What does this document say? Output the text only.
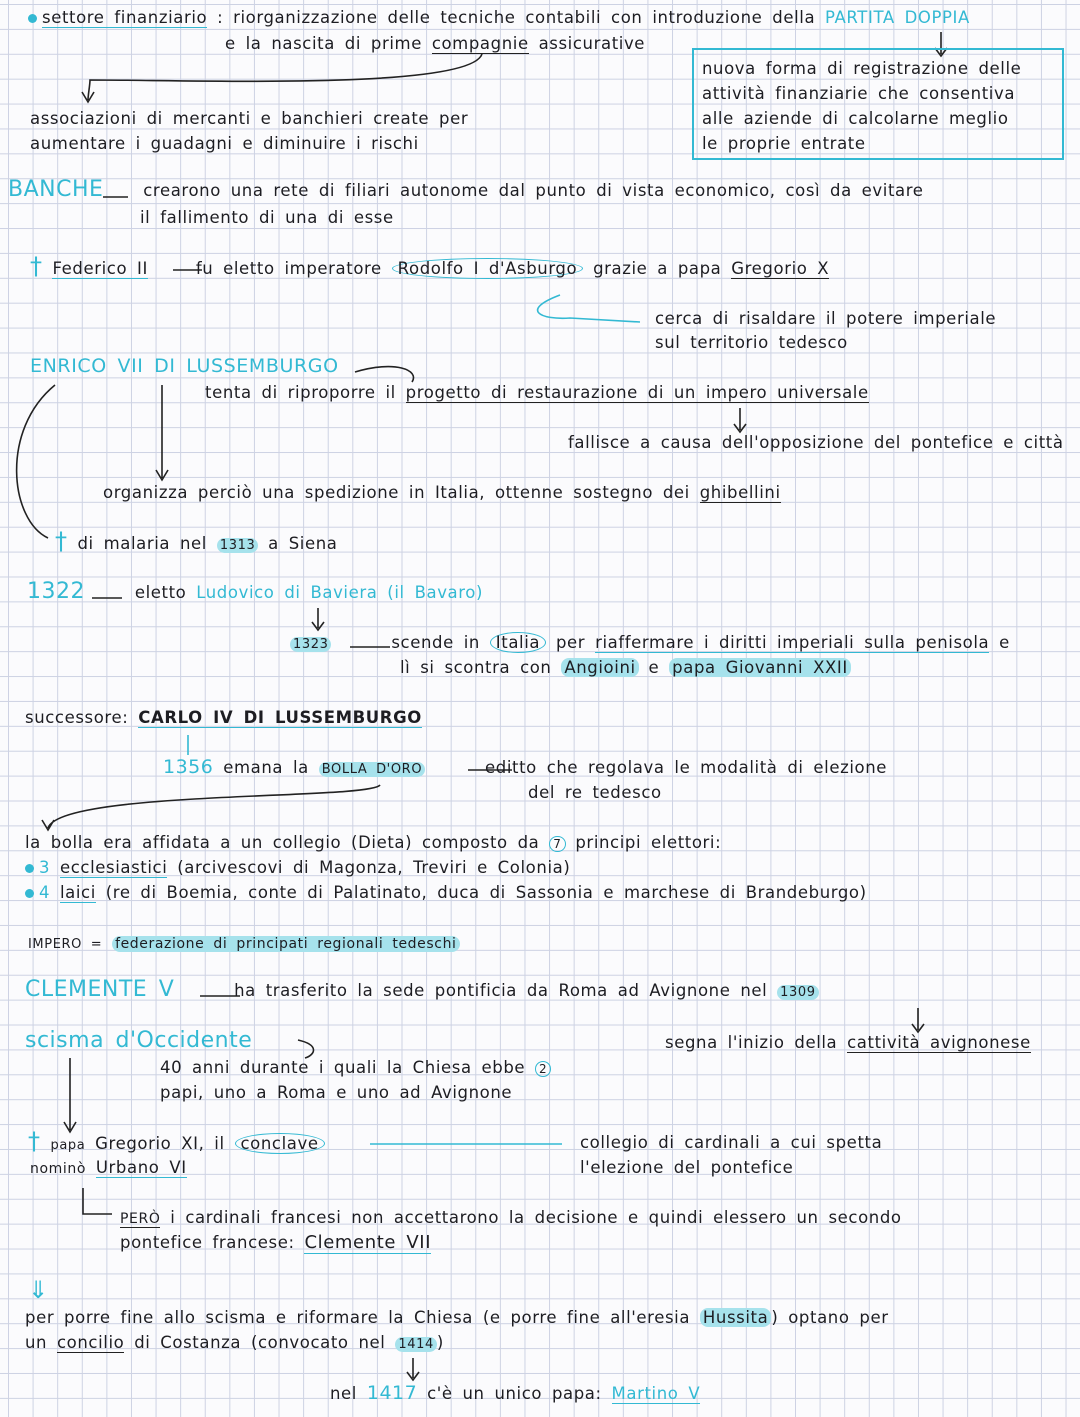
settore finanziario : riorganizzazione delle tecniche contabili con introduzione della PARTITA DOPPIA
e la nascita di prime compagnie assicurative
nuova forma di registrazione delle
attività finanziarie che consentiva
alle aziende di calcolarne meglio
le proprie entrate
associazioni di mercanti e banchieri create per
aumentare i guadagni e diminuire i rischi
BANCHE crearono una rete di filiari autonome dal punto di vista economico, così da evitare
il fallimento di una di esse
† Federico II	fu eletto imperatore Rodolfo I d'Asburgo grazie a papa Gregorio X
cerca di risaldare il potere imperiale
sul territorio tedesco
ENRICO VII DI LUSSEMBURGO
tenta di riproporre il progetto di restaurazione di un impero universale
fallisce a causa dell'opposizione del pontefice e città
organizza perciò una spedizione in Italia, ottenne sostegno dei ghibellini
† di malaria nel 1313 a Siena
1322	eletto Ludovico di Baviera (il Bavaro)
1323	scende in Italia per riaffermare i diritti imperiali sulla penisola e
lì si scontra con Angioini e papa Giovanni XXII
successore: CARLO IV DI LUSSEMBURGO
1356 emana la BOLLA D'ORO	editto che regolava le modalità di elezione
del re tedesco
la bolla era affidata a un collegio (Dieta) composto da 7 principi elettori:
3 ecclesiastici (arcivescovi di Magonza, Treviri e Colonia)
4 laici (re di Boemia, conte di Palatinato, duca di Sassonia e marchese di Brandeburgo)
IMPERO = federazione di principati regionali tedeschi
CLEMENTE V	ha trasferito la sede pontificia da Roma ad Avignone nel 1309
scisma d'Occidente	segna l'inizio della cattività avignonese
40 anni durante i quali la Chiesa ebbe 2
papi, uno a Roma e uno ad Avignone
† papa Gregorio XI, il conclave	collegio di cardinali a cui spetta
l'elezione del pontefice
nominò Urbano VI
PERÒ i cardinali francesi non accettarono la decisione e quindi elessero un secondo
pontefice francese: Clemente VII
⇓
per porre fine allo scisma e riformare la Chiesa (e porre fine all'eresia Hussita ) optano per
un concilio di Costanza (convocato nel 1414 )
nel 1417 c'è un unico papa: Martino V
